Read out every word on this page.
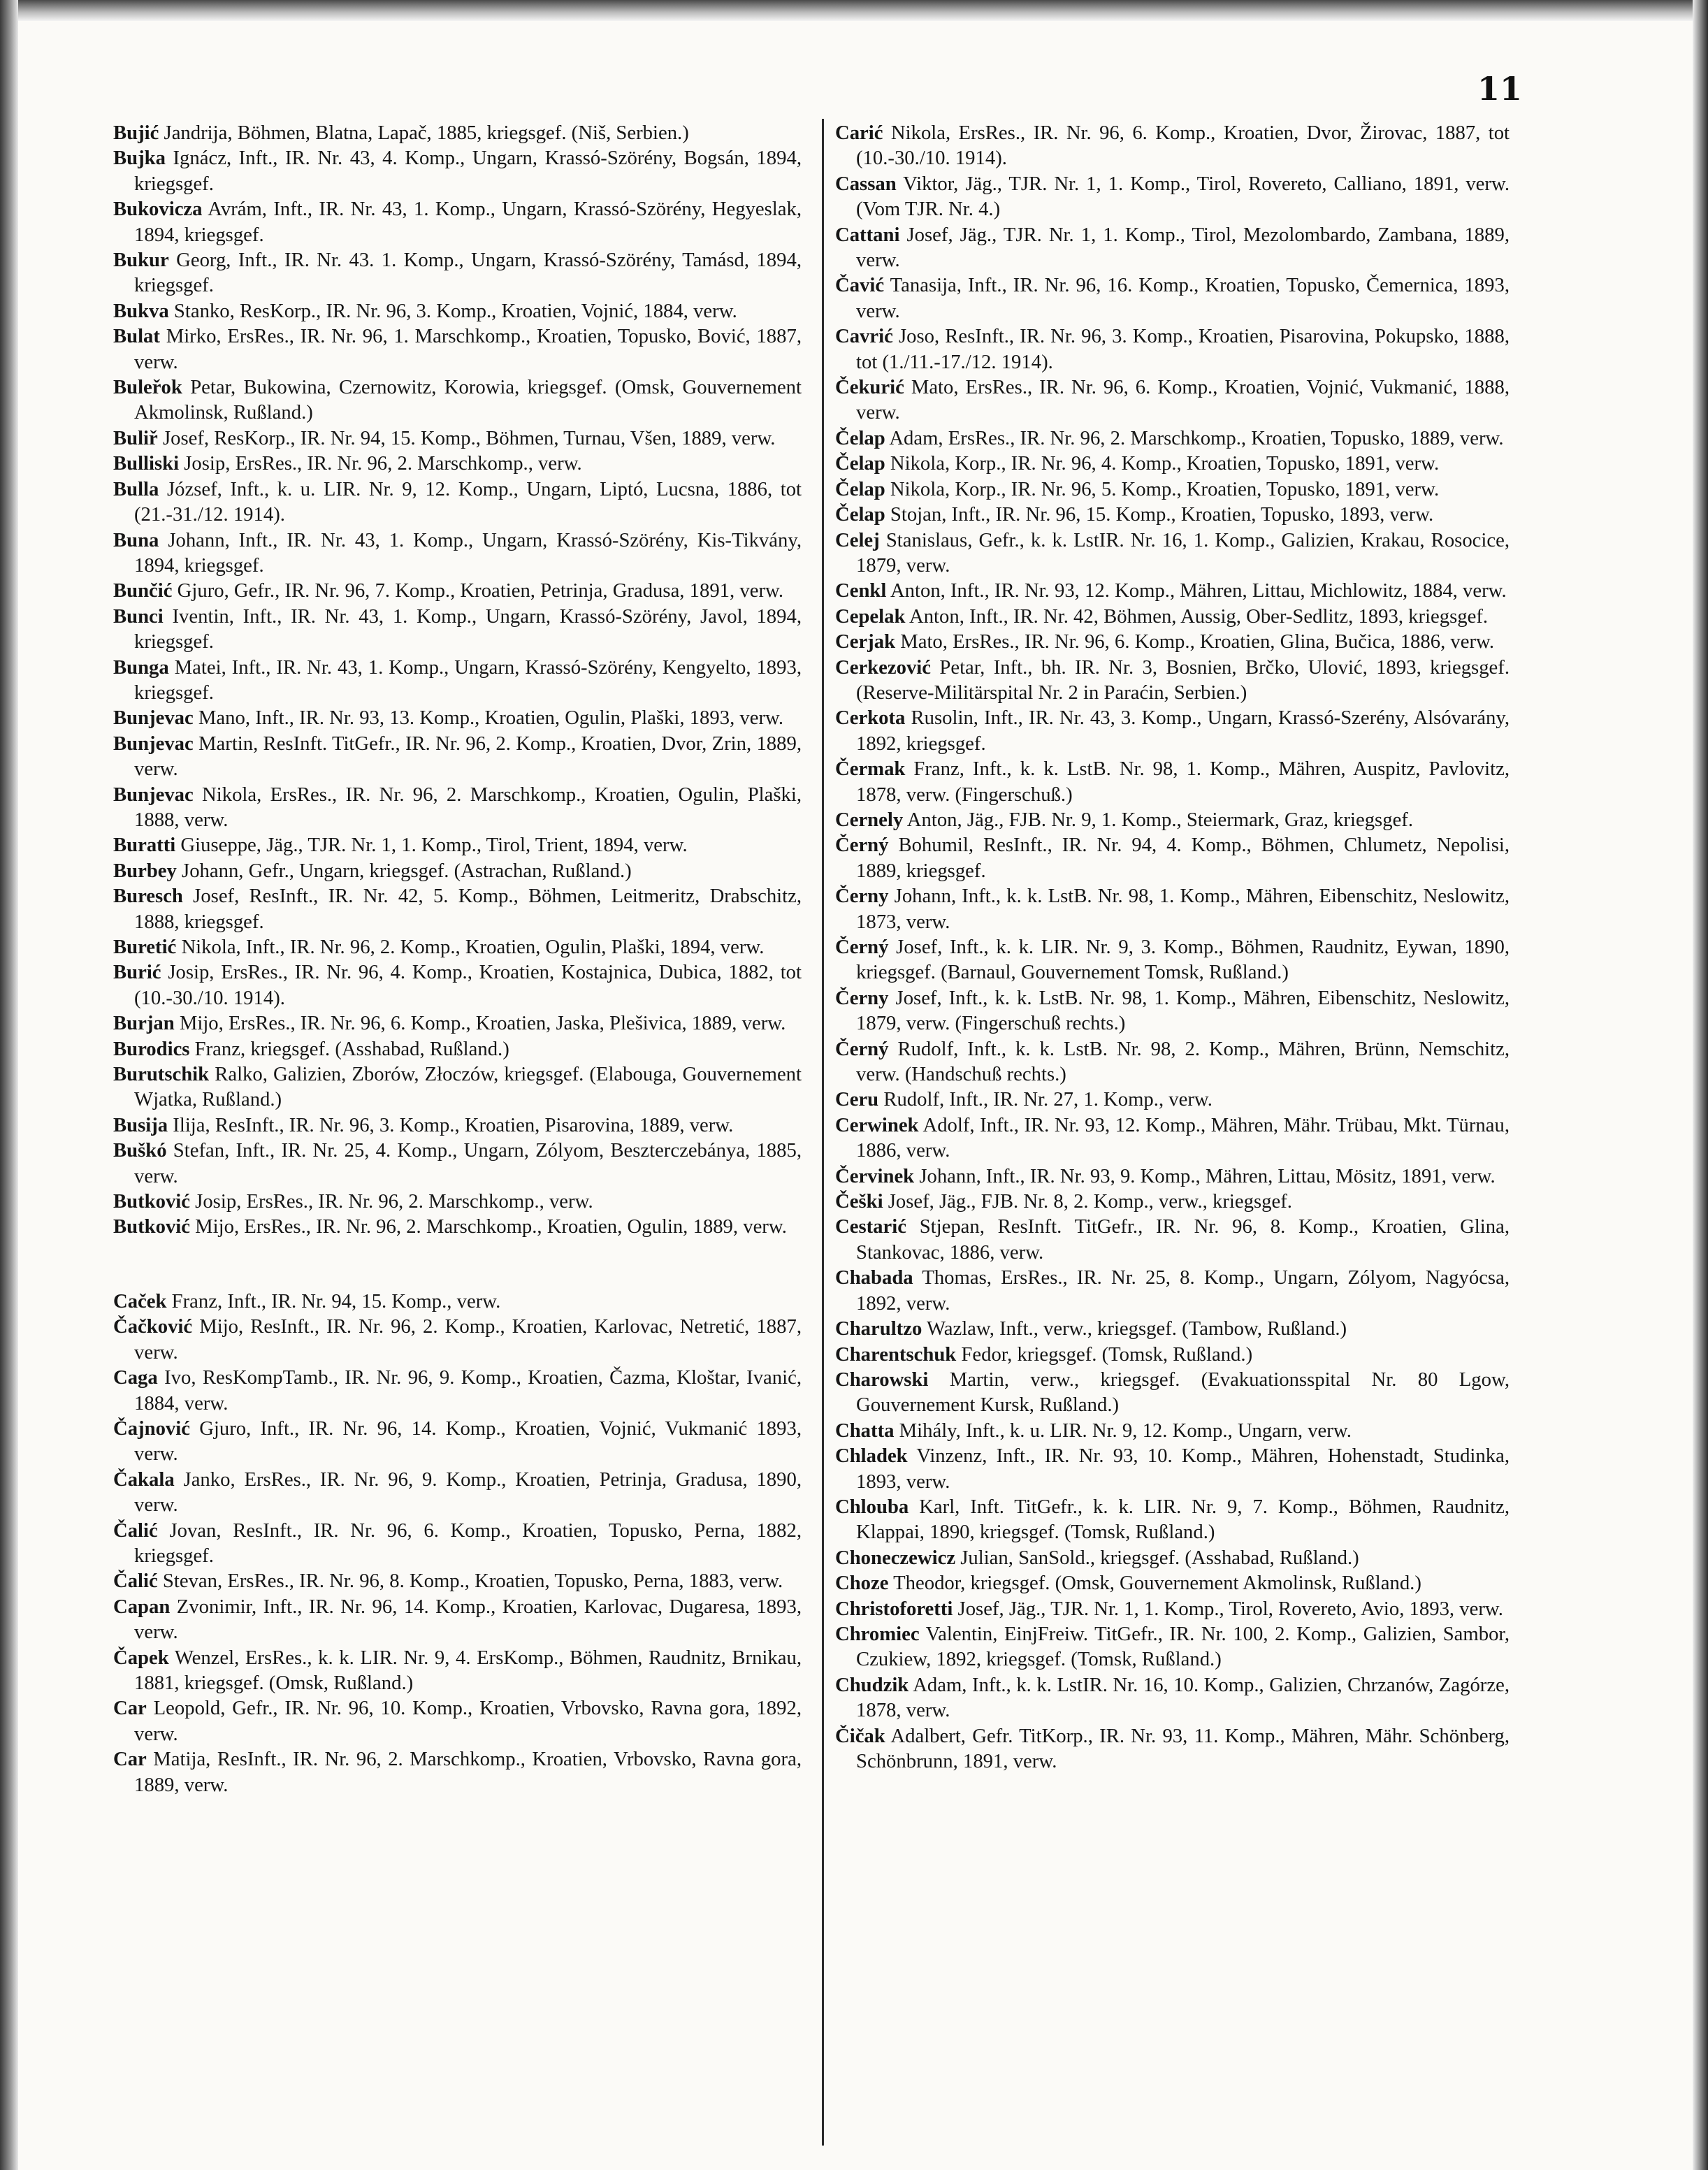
11
Bujić Jandrija, Böhmen, Blatna, Lapač, 1885, kriegsgef. (Niš, Serbien.)
Bujka Ignácz, Inft., IR. Nr. 43, 4. Komp., Ungarn, Krassó-Szörény, Bogsán, 1894, kriegsgef.
Bukovicza Avrám, Inft., IR. Nr. 43, 1. Komp., Ungarn, Krassó-Szörény, Hegyeslak, 1894, kriegsgef.
Bukur Georg, Inft., IR. Nr. 43. 1. Komp., Ungarn, Krassó-Szörény, Tamásd, 1894, kriegsgef.
Bukva Stanko, ResKorp., IR. Nr. 96, 3. Komp., Kroatien, Vojnić, 1884, verw.
Bulat Mirko, ErsRes., IR. Nr. 96, 1. Marschkomp., Kroatien, Topusko, Bović, 1887, verw.
Buleřok Petar, Bukowina, Czernowitz, Korowia, kriegsgef. (Omsk, Gouvernement Akmolinsk, Rußland.)
Buliř Josef, ResKorp., IR. Nr. 94, 15. Komp., Böhmen, Turnau, Všen, 1889, verw.
Bulliski Josip, ErsRes., IR. Nr. 96, 2. Marschkomp., verw.
Bulla József, Inft., k. u. LIR. Nr. 9, 12. Komp., Ungarn, Liptó, Lucsna, 1886, tot (21.-31./12. 1914).
Buna Johann, Inft., IR. Nr. 43, 1. Komp., Ungarn, Krassó-Szörény, Kis-Tikvány, 1894, kriegsgef.
Bunčić Gjuro, Gefr., IR. Nr. 96, 7. Komp., Kroatien, Petrinja, Gradusa, 1891, verw.
Bunci Iventin, Inft., IR. Nr. 43, 1. Komp., Ungarn, Krassó-Szörény, Javol, 1894, kriegsgef.
Bunga Matei, Inft., IR. Nr. 43, 1. Komp., Ungarn, Krassó-Szörény, Kengyelto, 1893, kriegsgef.
Bunjevac Mano, Inft., IR. Nr. 93, 13. Komp., Kroatien, Ogulin, Plaški, 1893, verw.
Bunjevac Martin, ResInft. TitGefr., IR. Nr. 96, 2. Komp., Kroatien, Dvor, Zrin, 1889, verw.
Bunjevac Nikola, ErsRes., IR. Nr. 96, 2. Marschkomp., Kroatien, Ogulin, Plaški, 1888, verw.
Buratti Giuseppe, Jäg., TJR. Nr. 1, 1. Komp., Tirol, Trient, 1894, verw.
Burbey Johann, Gefr., Ungarn, kriegsgef. (Astrachan, Rußland.)
Buresch Josef, ResInft., IR. Nr. 42, 5. Komp., Böhmen, Leitmeritz, Drabschitz, 1888, kriegsgef.
Buretić Nikola, Inft., IR. Nr. 96, 2. Komp., Kroatien, Ogulin, Plaški, 1894, verw.
Burić Josip, ErsRes., IR. Nr. 96, 4. Komp., Kroatien, Kostajnica, Dubica, 1882, tot (10.-30./10. 1914).
Burjan Mijo, ErsRes., IR. Nr. 96, 6. Komp., Kroatien, Jaska, Plešivica, 1889, verw.
Burodics Franz, kriegsgef. (Asshabad, Rußland.)
Burutschik Ralko, Galizien, Zborów, Złoczów, kriegsgef. (Elabouga, Gouvernement Wjatka, Rußland.)
Busija Ilija, ResInft., IR. Nr. 96, 3. Komp., Kroatien, Pisarovina, 1889, verw.
Buškó Stefan, Inft., IR. Nr. 25, 4. Komp., Ungarn, Zólyom, Beszterczebánya, 1885, verw.
Butković Josip, ErsRes., IR. Nr. 96, 2. Marschkomp., verw.
Butković Mijo, ErsRes., IR. Nr. 96, 2. Marschkomp., Kroatien, Ogulin, 1889, verw.
Caček Franz, Inft., IR. Nr. 94, 15. Komp., verw.
Čačković Mijo, ResInft., IR. Nr. 96, 2. Komp., Kroatien, Karlovac, Netretić, 1887, verw.
Caga Ivo, ResKompTamb., IR. Nr. 96, 9. Komp., Kroatien, Čazma, Kloštar, Ivanić, 1884, verw.
Čajnović Gjuro, Inft., IR. Nr. 96, 14. Komp., Kroatien, Vojnić, Vukmanić 1893, verw.
Čakala Janko, ErsRes., IR. Nr. 96, 9. Komp., Kroatien, Petrinja, Gradusa, 1890, verw.
Čalić Jovan, ResInft., IR. Nr. 96, 6. Komp., Kroatien, Topusko, Perna, 1882, kriegsgef.
Čalić Stevan, ErsRes., IR. Nr. 96, 8. Komp., Kroatien, Topusko, Perna, 1883, verw.
Capan Zvonimir, Inft., IR. Nr. 96, 14. Komp., Kroatien, Karlovac, Dugaresa, 1893, verw.
Čapek Wenzel, ErsRes., k. k. LIR. Nr. 9, 4. ErsKomp., Böhmen, Raudnitz, Brnikau, 1881, kriegsgef. (Omsk, Rußland.)
Car Leopold, Gefr., IR. Nr. 96, 10. Komp., Kroatien, Vrbovsko, Ravna gora, 1892, verw.
Car Matija, ResInft., IR. Nr. 96, 2. Marschkomp., Kroatien, Vrbovsko, Ravna gora, 1889, verw.
Carić Nikola, ErsRes., IR. Nr. 96, 6. Komp., Kroatien, Dvor, Žirovac, 1887, tot (10.-30./10. 1914).
Cassan Viktor, Jäg., TJR. Nr. 1, 1. Komp., Tirol, Rovereto, Calliano, 1891, verw. (Vom TJR. Nr. 4.)
Cattani Josef, Jäg., TJR. Nr. 1, 1. Komp., Tirol, Mezolombardo, Zambana, 1889, verw.
Čavić Tanasija, Inft., IR. Nr. 96, 16. Komp., Kroatien, Topusko, Čemernica, 1893, verw.
Cavrić Joso, ResInft., IR. Nr. 96, 3. Komp., Kroatien, Pisarovina, Pokupsko, 1888, tot (1./11.-17./12. 1914).
Čekurić Mato, ErsRes., IR. Nr. 96, 6. Komp., Kroatien, Vojnić, Vukmanić, 1888, verw.
Čelap Adam, ErsRes., IR. Nr. 96, 2. Marschkomp., Kroatien, Topusko, 1889, verw.
Čelap Nikola, Korp., IR. Nr. 96, 4. Komp., Kroatien, Topusko, 1891, verw.
Čelap Nikola, Korp., IR. Nr. 96, 5. Komp., Kroatien, Topusko, 1891, verw.
Čelap Stojan, Inft., IR. Nr. 96, 15. Komp., Kroatien, Topusko, 1893, verw.
Celej Stanislaus, Gefr., k. k. LstIR. Nr. 16, 1. Komp., Galizien, Krakau, Rosocice, 1879, verw.
Cenkl Anton, Inft., IR. Nr. 93, 12. Komp., Mähren, Littau, Michlowitz, 1884, verw.
Cepelak Anton, Inft., IR. Nr. 42, Böhmen, Aussig, Ober-Sedlitz, 1893, kriegsgef.
Cerjak Mato, ErsRes., IR. Nr. 96, 6. Komp., Kroatien, Glina, Bučica, 1886, verw.
Cerkezović Petar, Inft., bh. IR. Nr. 3, Bosnien, Brčko, Ulović, 1893, kriegsgef. (Reserve-Militärspital Nr. 2 in Paraćin, Serbien.)
Cerkota Rusolin, Inft., IR. Nr. 43, 3. Komp., Ungarn, Krassó-Szerény, Alsóvarány, 1892, kriegsgef.
Čermak Franz, Inft., k. k. LstB. Nr. 98, 1. Komp., Mähren, Auspitz, Pavlovitz, 1878, verw. (Fingerschuß.)
Cernely Anton, Jäg., FJB. Nr. 9, 1. Komp., Steiermark, Graz, kriegsgef.
Černý Bohumil, ResInft., IR. Nr. 94, 4. Komp., Böhmen, Chlumetz, Nepolisi, 1889, kriegsgef.
Černy Johann, Inft., k. k. LstB. Nr. 98, 1. Komp., Mähren, Eibenschitz, Neslowitz, 1873, verw.
Černý Josef, Inft., k. k. LIR. Nr. 9, 3. Komp., Böhmen, Raudnitz, Eywan, 1890, kriegsgef. (Barnaul, Gouvernement Tomsk, Rußland.)
Černy Josef, Inft., k. k. LstB. Nr. 98, 1. Komp., Mähren, Eibenschitz, Neslowitz, 1879, verw. (Fingerschuß rechts.)
Černý Rudolf, Inft., k. k. LstB. Nr. 98, 2. Komp., Mähren, Brünn, Nemschitz, verw. (Handschuß rechts.)
Ceru Rudolf, Inft., IR. Nr. 27, 1. Komp., verw.
Cerwinek Adolf, Inft., IR. Nr. 93, 12. Komp., Mähren, Mähr. Trübau, Mkt. Türnau, 1886, verw.
Červinek Johann, Inft., IR. Nr. 93, 9. Komp., Mähren, Littau, Mösitz, 1891, verw.
Češki Josef, Jäg., FJB. Nr. 8, 2. Komp., verw., kriegsgef.
Cestarić Stjepan, ResInft. TitGefr., IR. Nr. 96, 8. Komp., Kroatien, Glina, Stankovac, 1886, verw.
Chabada Thomas, ErsRes., IR. Nr. 25, 8. Komp., Ungarn, Zólyom, Nagyócsa, 1892, verw.
Charultzo Wazlaw, Inft., verw., kriegsgef. (Tambow, Rußland.)
Charentschuk Fedor, kriegsgef. (Tomsk, Rußland.)
Charowski Martin, verw., kriegsgef. (Evakuationsspital Nr. 80 Lgow, Gouvernement Kursk, Rußland.)
Chatta Mihály, Inft., k. u. LIR. Nr. 9, 12. Komp., Ungarn, verw.
Chladek Vinzenz, Inft., IR. Nr. 93, 10. Komp., Mähren, Hohenstadt, Studinka, 1893, verw.
Chlouba Karl, Inft. TitGefr., k. k. LIR. Nr. 9, 7. Komp., Böhmen, Raudnitz, Klappai, 1890, kriegsgef. (Tomsk, Rußland.)
Choneczewicz Julian, SanSold., kriegsgef. (Asshabad, Rußland.)
Choze Theodor, kriegsgef. (Omsk, Gouvernement Akmolinsk, Rußland.)
Christoforetti Josef, Jäg., TJR. Nr. 1, 1. Komp., Tirol, Rovereto, Avio, 1893, verw.
Chromiec Valentin, EinjFreiw. TitGefr., IR. Nr. 100, 2. Komp., Galizien, Sambor, Czukiew, 1892, kriegsgef. (Tomsk, Rußland.)
Chudzik Adam, Inft., k. k. LstIR. Nr. 16, 10. Komp., Galizien, Chrzanów, Zagórze, 1878, verw.
Čičak Adalbert, Gefr. TitKorp., IR. Nr. 93, 11. Komp., Mähren, Mähr. Schönberg, Schönbrunn, 1891, verw.
